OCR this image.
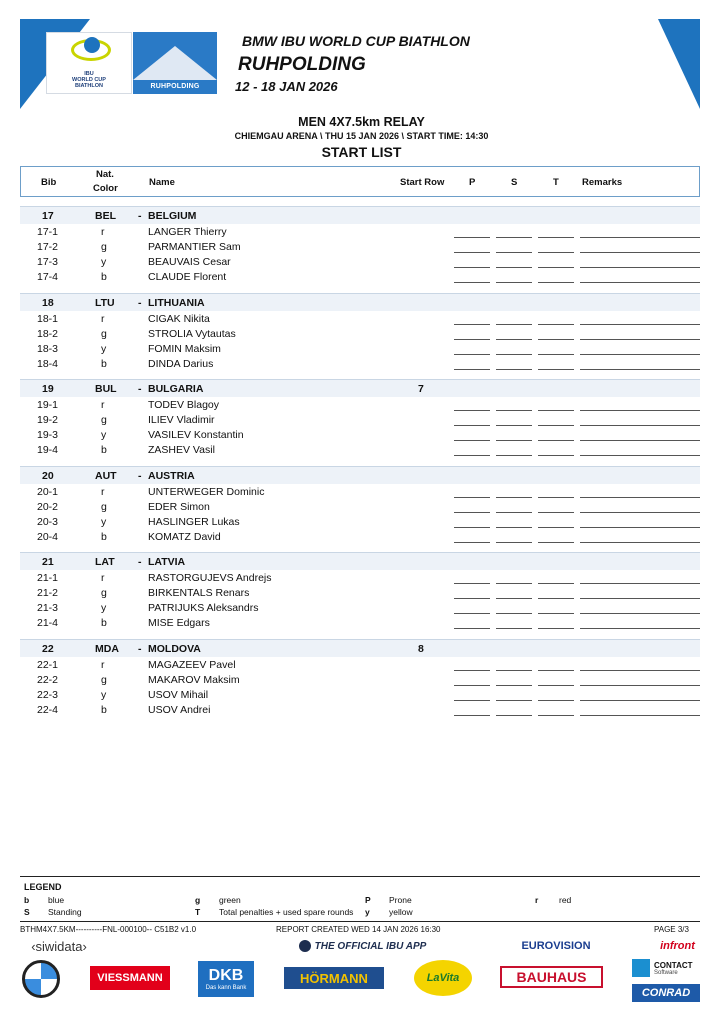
IBU
WORLD CUP
BIATHLON	RUHPOLDING
BMW IBU WORLD CUP BIATHLON
RUHPOLDING
12 - 18 JAN 2026
MEN 4X7.5km RELAY
CHIEMGAU ARENA \ THU 15 JAN 2026 \ START TIME: 14:30
START LIST
Bib
Nat.
Color
Name	Start Row	P	S	T Remarks
-
17	BEL	BELGIUM
17-1	r	LANGER Thierry
17-2	g	PARMANTIER Sam
17-3	y	BEAUVAIS Cesar
17-4	b	CLAUDE Florent
-
18	LTU	LITHUANIA
18-1	r	CIGAK Nikita
18-2	g	STROLIA Vytautas
18-3	y	FOMIN Maksim
18-4	b	DINDA Darius
-
19	BUL	BULGARIA	7
19-1	r	TODEV Blagoy
19-2	g	ILIEV Vladimir
19-3	y	VASILEV Konstantin
19-4	b	ZASHEV Vasil
-
20	AUT	AUSTRIA
20-1	r	UNTERWEGER Dominic
20-2	g	EDER Simon
20-3	y	HASLINGER Lukas
20-4	b	KOMATZ David
-
21	LAT	LATVIA
21-1	r	RASTORGUJEVS Andrejs
21-2	g	BIRKENTALS Renars
21-3	y	PATRIJUKS Aleksandrs
21-4	b	MISE Edgars
-
22	MDA	MOLDOVA	8
22-1	r	MAGAZEEV Pavel
22-2	g	MAKAROV Maksim
22-3	y	USOV Mihail
22-4	b	USOV Andrei
LEGEND
b blue	g green	P Prone	r red
S Standing	T Total penalties + used spare rounds y yellow
BTHM4X7.5KM----------FNL-000100-- C51B2 v1.0	REPORT CREATED WED 14 JAN 2026 16:30	PAGE 3/3
‹siwidata›	THE OFFICIAL IBU APP	EUROVISION	infront
VIESSMANN	DKB
Das kann Bank
HÖRMANN	LaVita	BAUHAUS
CONTACT
Software
CONRAD
